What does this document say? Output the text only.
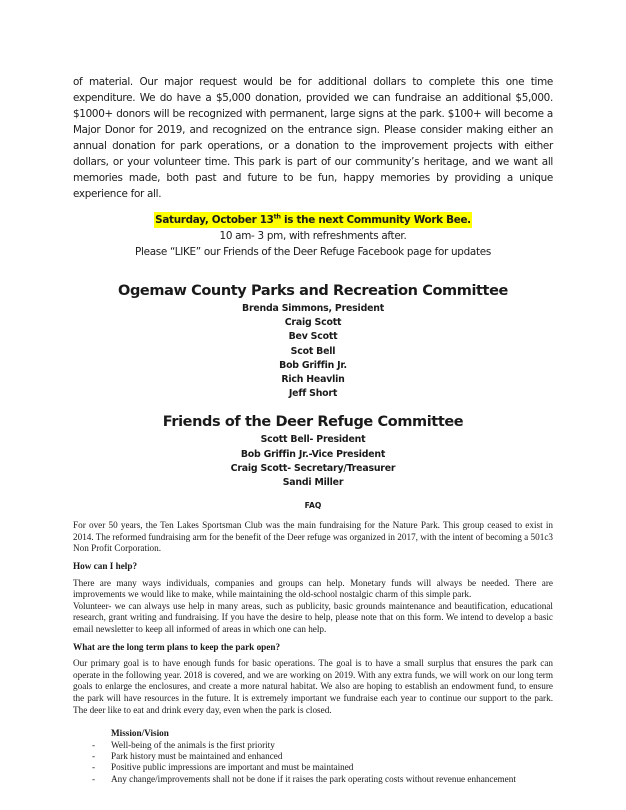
of material. Our major request would be for additional dollars to complete this one time expenditure. We do have a $5,000 donation, provided we can fundraise an additional $5,000. $1000+ donors will be recognized with permanent, large signs at the park. $100+ will become a Major Donor for 2019, and recognized on the entrance sign. Please consider making either an annual donation for park operations, or a donation to the improvement projects with either dollars, or your volunteer time. This park is part of our community’s heritage, and we want all memories made, both past and future to be fun, happy memories by providing a unique experience for all.

Saturday, October 13th is the next Community Work Bee.
10 am- 3 pm, with refreshments after.
Please “LIKE” our Friends of the Deer Refuge Facebook page for updates
Ogemaw County Parks and Recreation Committee
Brenda Simmons, President
Craig Scott
Bev Scott
Scot Bell
Bob Griffin Jr.
Rich Heavlin
Jeff Short
Friends of the Deer Refuge Committee
Scott Bell- President
Bob Griffin Jr.-Vice President
Craig Scott- Secretary/Treasurer
Sandi Miller
FAQ

For over 50 years, the Ten Lakes Sportsman Club was the main fundraising for the Nature Park. This group ceased to exist in 2014. The reformed fundraising arm for the benefit of the Deer refuge was organized in 2017, with the intent of becoming a 501c3 Non Profit Corporation.

How can I help?

There are many ways individuals, companies and groups can help. Monetary funds will always be needed. There are improvements we would like to make, while maintaining the old-school nostalgic charm of this simple park.

Volunteer- we can always use help in many areas, such as publicity, basic grounds maintenance and beautification, educational research, grant writing and fundraising. If you have the desire to help, please note that on this form. We intend to develop a basic email newsletter to keep all informed of areas in which one can help.

What are the long term plans to keep the park open?

Our primary goal is to have enough funds for basic operations. The goal is to have a small surplus that ensures the park can operate in the following year. 2018 is covered, and we are working on 2019. With any extra funds, we will work on our long term goals to enlarge the enclosures, and create a more natural habitat. We also are hoping to establish an endowment fund, to ensure the park will have resources in the future. It is extremely important we fundraise each year to continue our support to the park. The deer like to eat and drink every day, even when the park is closed.

Mission/Vision
- Well-being of the animals is the first priority
- Park history must be maintained and enhanced
- Positive public impressions are important and must be maintained
- Any change/improvements shall not be done if it raises the park operating costs without revenue enhancement
